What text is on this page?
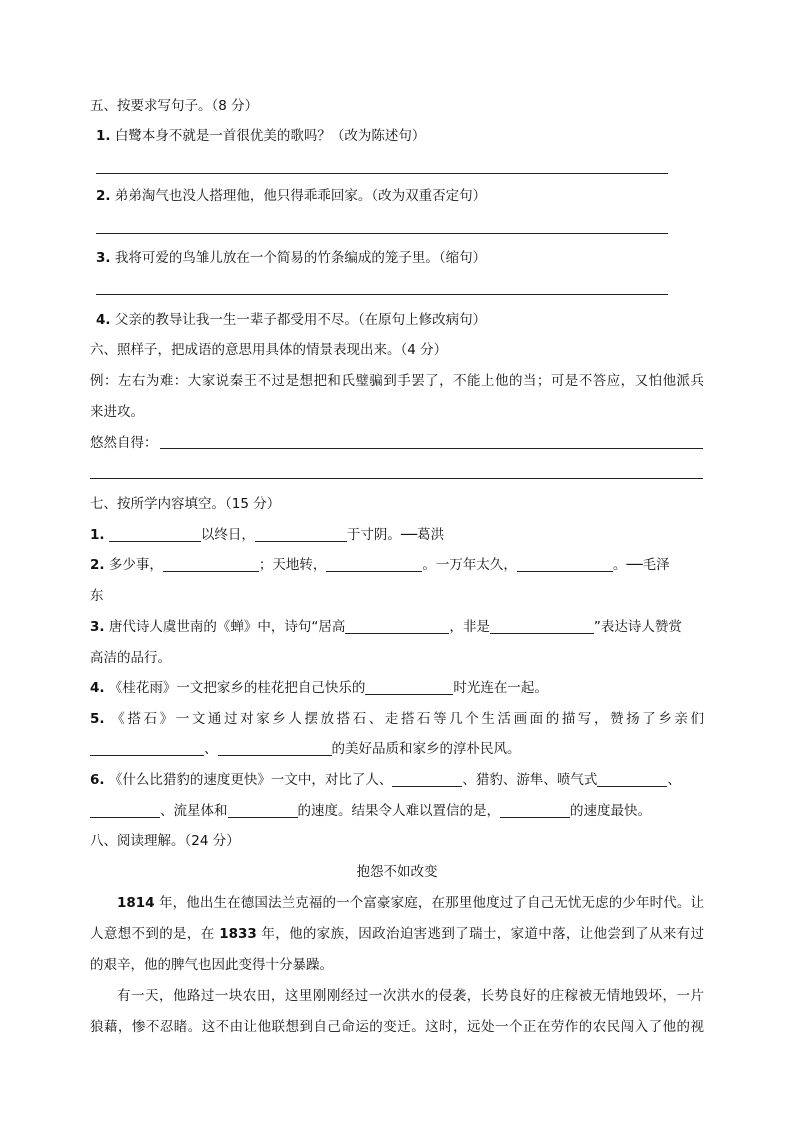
五、按要求写句子。（8 分）
1. 白鹭本身不就是一首很优美的歌吗？（改为陈述句）
2. 弟弟淘气也没人搭理他，他只得乖乖回家。（改为双重否定句）
3. 我将可爱的鸟雏儿放在一个简易的竹条编成的笼子里。（缩句）
4. 父亲的教导让我一生一辈子都受用不尽。（在原句上修改病句）
六、照样子，把成语的意思用具体的情景表现出来。（4 分）
例：左右为难：大家说秦王不过是想把和氏璧骗到手罢了，不能上他的当；可是不答应，又怕他派兵
来进攻。
悠然自得：
七、按所学内容填空。（15 分）
1.	以终日，	于寸阴。──葛洪
2. 多少事，	；天地转，	。一万年太久，	。──毛泽
东
3. 唐代诗人虞世南的《蝉》中，诗句“居高	，非是	”表达诗人赞赏
高洁的品行。
4. 《桂花雨》一文把家乡的桂花把自己快乐的	时光连在一起。
5. 《搭石》一文通过对家乡人摆放搭石、走搭石等几个生活画面的描写，赞扬了乡亲们
、	的美好品质和家乡的淳朴民风。
6. 《什么比猎豹的速度更快》一文中，对比了人、	、猎豹、游隼、喷气式	、
、流星体和	的速度。结果令人难以置信的是，	的速度最快。
八、阅读理解。（24 分）
抱怨不如改变
1814 年，他出生在德国法兰克福的一个富豪家庭，在那里他度过了自己无忧无虑的少年时代。让
人意想不到的是，在 1833 年，他的家族，因政治迫害逃到了瑞士，家道中落，让他尝到了从来有过
的艰辛，他的脾气也因此变得十分暴躁。
有一天，他路过一块农田，这里刚刚经过一次洪水的侵袭，长势良好的庄稼被无情地毁坏，一片
狼藉，惨不忍睹。这不由让他联想到自己命运的变迁。这时，远处一个正在劳作的农民闯入了他的视
